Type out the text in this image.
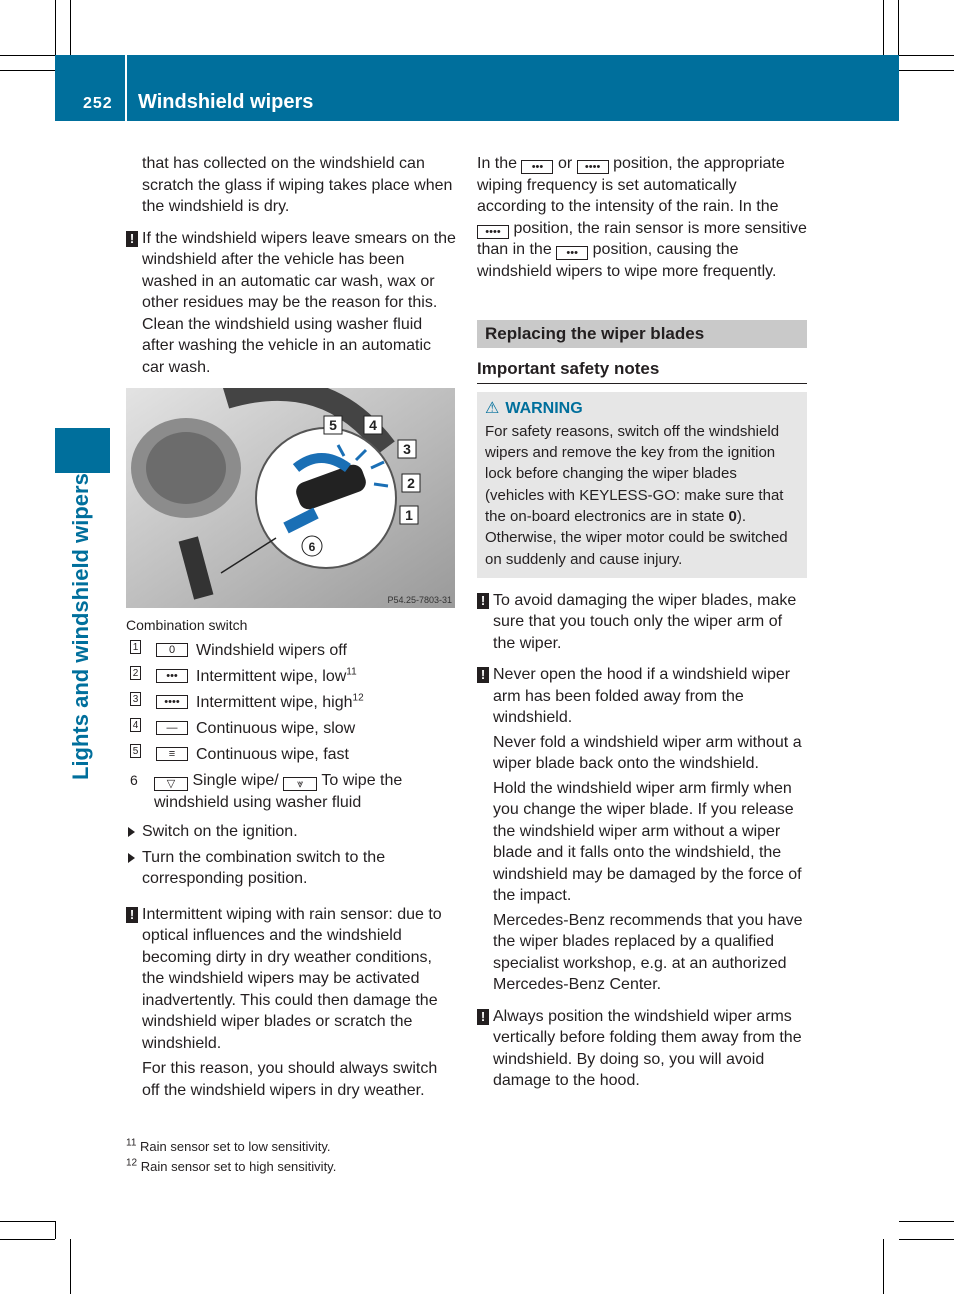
252 Windshield wipers
Lights and windshield wipers

that has collected on the windshield can scratch the glass if wiping takes place when the windshield is dry.

! If the windshield wipers leave smears on the windshield after the vehicle has been washed in an automatic car wash, wax or other residues may be the reason for this. Clean the windshield using washer fluid after washing the vehicle in an automatic car wash.

5 4
3
2
1
6
P54.25-7803-31

Combination switch

1	0	Windshield wipers off
2	•••	Intermittent wipe, low$^{11}$
3	••••	Intermittent wipe, high$^{12}$
4	—	Continuous wipe, slow
5	≡	Continuous wipe, fast
6	▽ Single wipe/ ⩔ To wipe the windshield using washer fluid

Switch on the ignition.

Turn the combination switch to the corresponding position.

! Intermittent wiping with rain sensor: due to optical influences and the windshield becoming dirty in dry weather conditions, the windshield wipers may be activated inadvertently. This could then damage the windshield wiper blades or scratch the windshield.

For this reason, you should always switch off the windshield wipers in dry weather.

In the ••• or •••• position, the appropriate wiping frequency is set automatically according to the intensity of the rain. In the •••• position, the rain sensor is more sensitive than in the ••• position, causing the windshield wipers to wipe more frequently.

Replacing the wiper blades
Important safety notes
⚠ WARNING
For safety reasons, switch off the windshield wipers and remove the key from the ignition lock before changing the wiper blades (vehicles with KEYLESS-GO: make sure that the on-board electronics are in state 0). Otherwise, the wiper motor could be switched on suddenly and cause injury.

! To avoid damaging the wiper blades, make sure that you touch only the wiper arm of the wiper.

! Never open the hood if a windshield wiper arm has been folded away from the windshield.

Never fold a windshield wiper arm without a wiper blade back onto the windshield.

Hold the windshield wiper arm firmly when you change the wiper blade. If you release the windshield wiper arm without a wiper blade and it falls onto the windshield, the windshield may be damaged by the force of the impact.

Mercedes-Benz recommends that you have the wiper blades replaced by a qualified specialist workshop, e.g. at an authorized Mercedes-Benz Center.

! Always position the windshield wiper arms vertically before folding them away from the windshield. By doing so, you will avoid damage to the hood.

$^{11}$ Rain sensor set to low sensitivity.
$^{12}$ Rain sensor set to high sensitivity.
